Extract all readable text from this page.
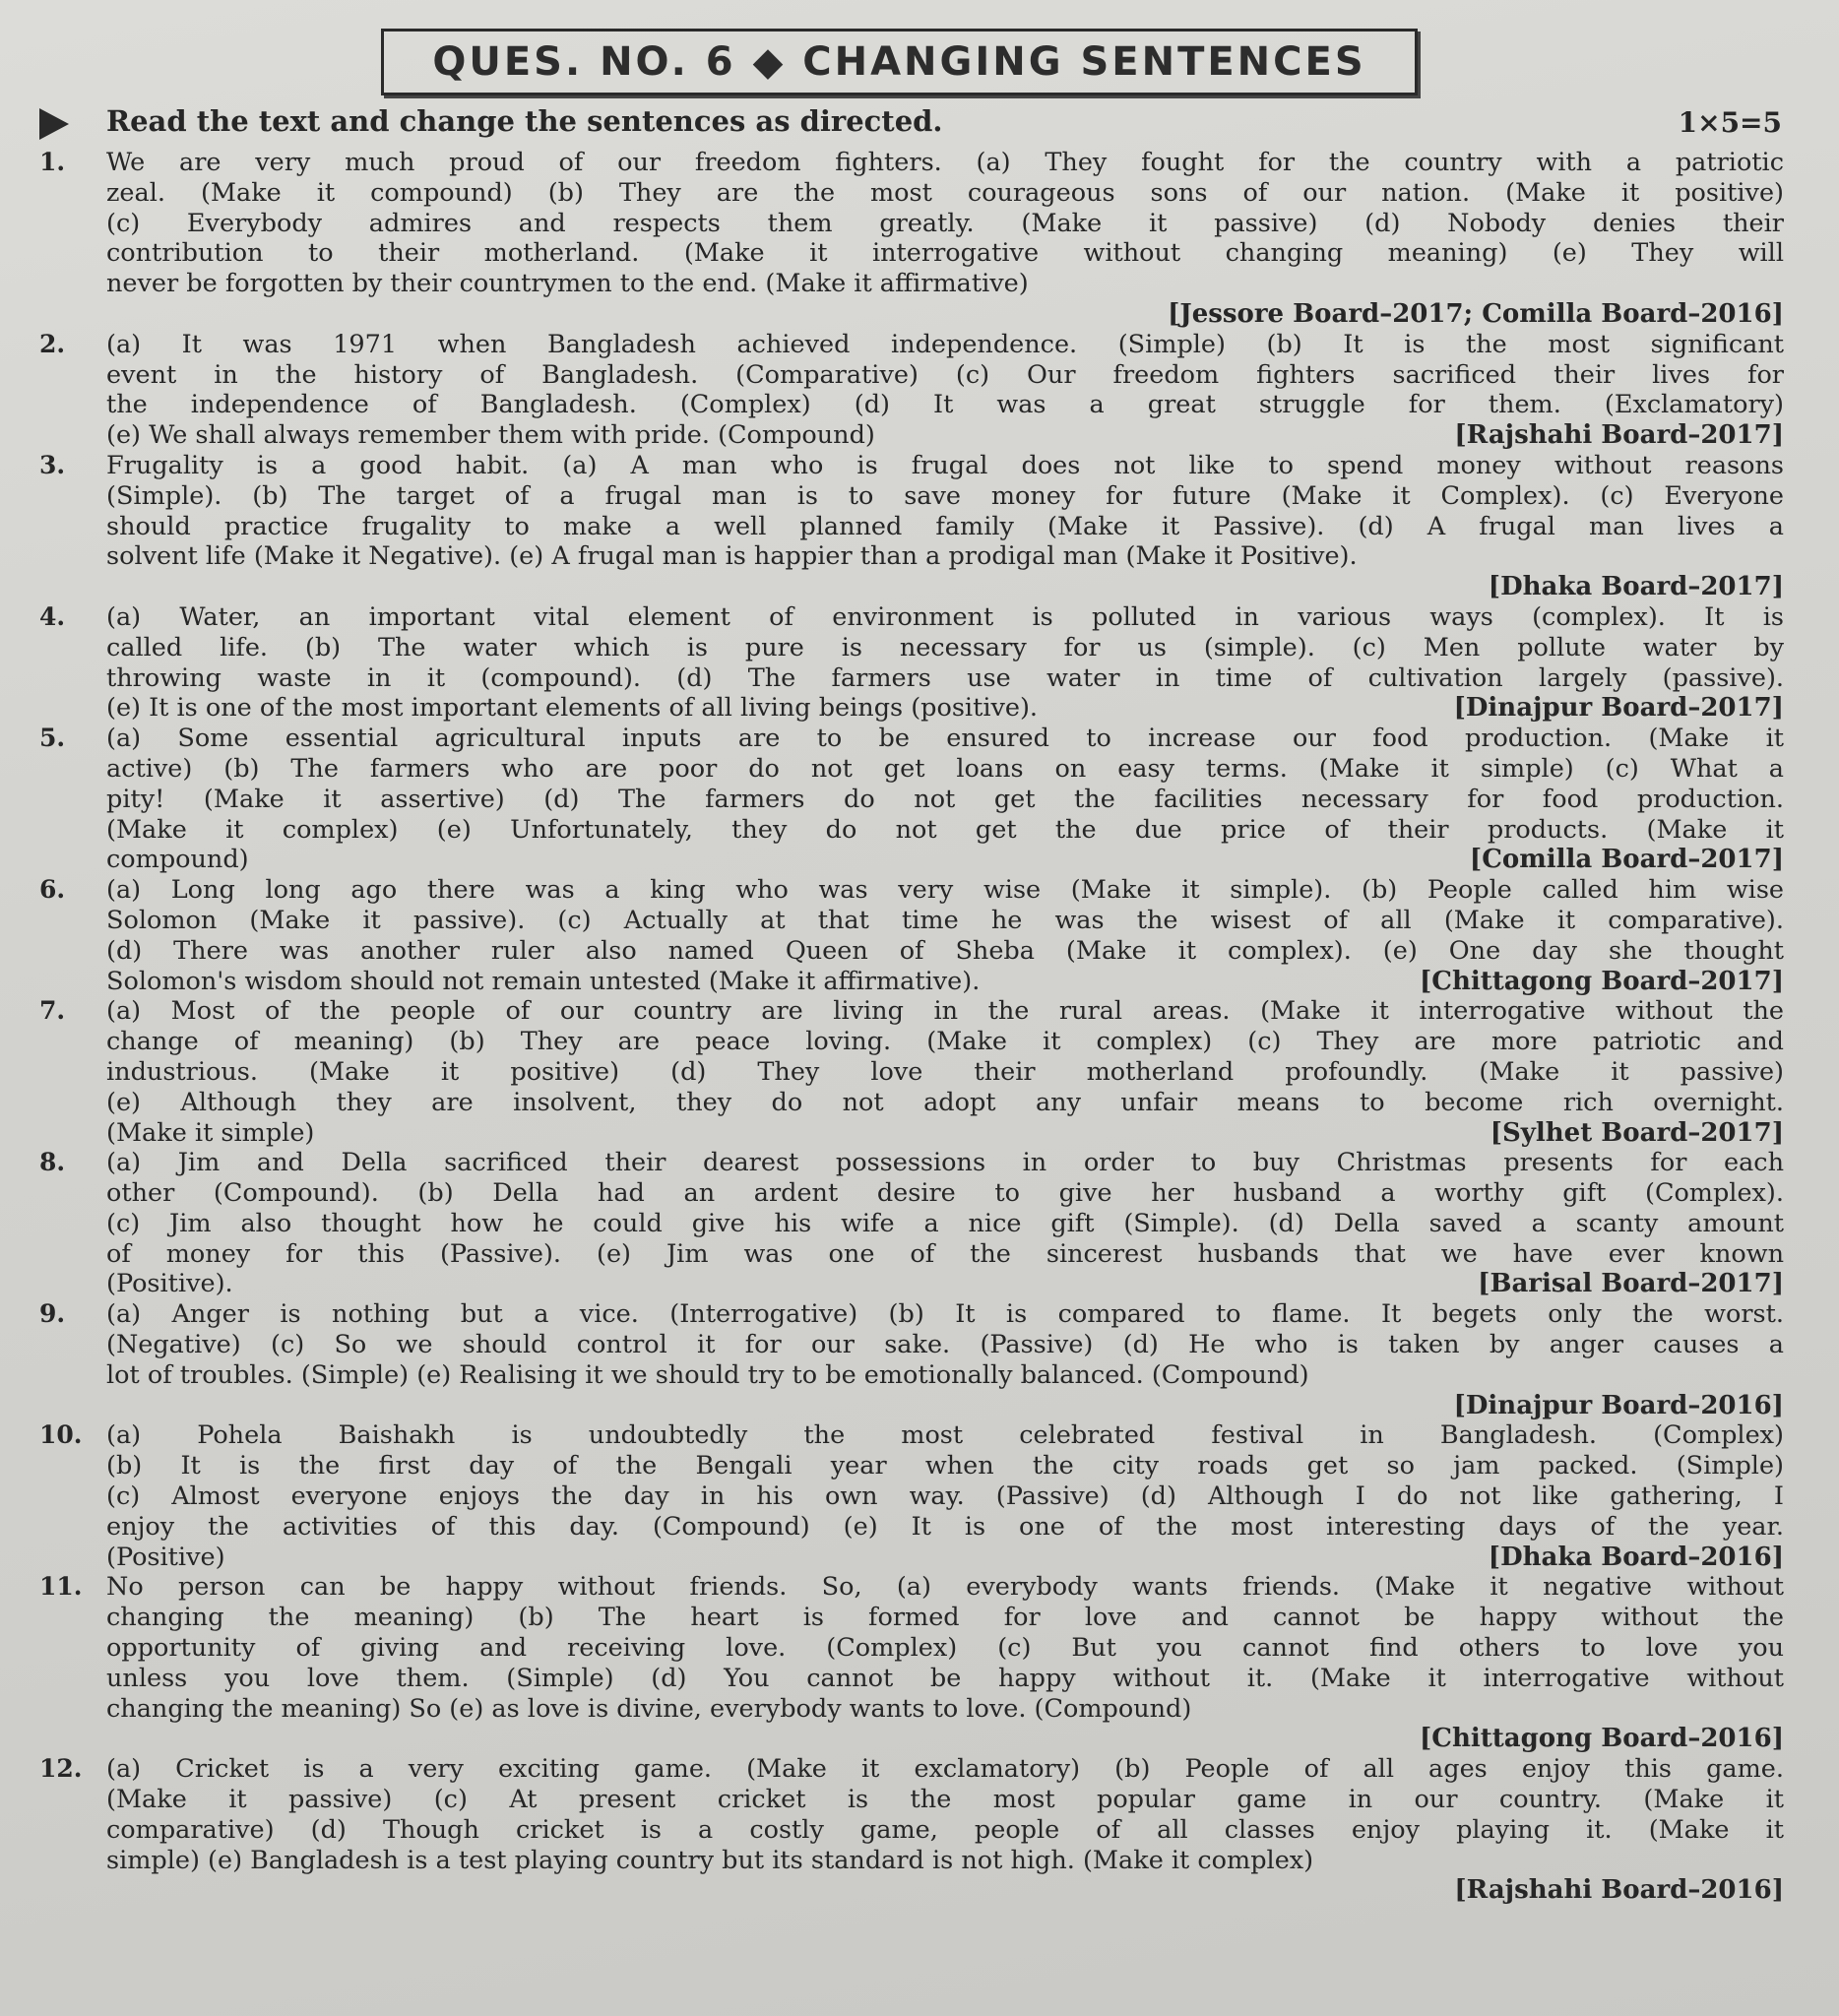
QUES. NO. 6 ◆ CHANGING SENTENCES
Read the text and change the sentences as directed.	1×5=5
1. We are very much proud of our freedom fighters. (a) They fought for the country with a patriotic
zeal. (Make it compound) (b) They are the most courageous sons of our nation. (Make it positive)
(c) Everybody admires and respects them greatly. (Make it passive) (d) Nobody denies their
contribution to their motherland. (Make it interrogative without changing meaning) (e) They will
never be forgotten by their countrymen to the end. (Make it affirmative)
[Jessore Board–2017; Comilla Board–2016]
2. (a) It was 1971 when Bangladesh achieved independence. (Simple) (b) It is the most significant
event in the history of Bangladesh. (Comparative) (c) Our freedom fighters sacrificed their lives for
the independence of Bangladesh. (Complex) (d) It was a great struggle for them. (Exclamatory)
(e) We shall always remember them with pride. (Compound)	[Rajshahi Board–2017]
3. Frugality is a good habit. (a) A man who is frugal does not like to spend money without reasons
(Simple). (b) The target of a frugal man is to save money for future (Make it Complex). (c) Everyone
should practice frugality to make a well planned family (Make it Passive). (d) A frugal man lives a
solvent life (Make it Negative). (e) A frugal man is happier than a prodigal man (Make it Positive).
[Dhaka Board–2017]
4. (a) Water, an important vital element of environment is polluted in various ways (complex). It is
called life. (b) The water which is pure is necessary for us (simple). (c) Men pollute water by
throwing waste in it (compound). (d) The farmers use water in time of cultivation largely (passive).
(e) It is one of the most important elements of all living beings (positive).	[Dinajpur Board–2017]
5. (a) Some essential agricultural inputs are to be ensured to increase our food production. (Make it
active) (b) The farmers who are poor do not get loans on easy terms. (Make it simple) (c) What a
pity! (Make it assertive) (d) The farmers do not get the facilities necessary for food production.
(Make it complex) (e) Unfortunately, they do not get the due price of their products. (Make it
compound)	[Comilla Board–2017]
6. (a) Long long ago there was a king who was very wise (Make it simple). (b) People called him wise
Solomon (Make it passive). (c) Actually at that time he was the wisest of all (Make it comparative).
(d) There was another ruler also named Queen of Sheba (Make it complex). (e) One day she thought
Solomon's wisdom should not remain untested (Make it affirmative).	[Chittagong Board–2017]
7. (a) Most of the people of our country are living in the rural areas. (Make it interrogative without the
change of meaning) (b) They are peace loving. (Make it complex) (c) They are more patriotic and
industrious. (Make it positive) (d) They love their motherland profoundly. (Make it passive)
(e) Although they are insolvent, they do not adopt any unfair means to become rich overnight.
(Make it simple)	[Sylhet Board–2017]
8. (a) Jim and Della sacrificed their dearest possessions in order to buy Christmas presents for each
other (Compound). (b) Della had an ardent desire to give her husband a worthy gift (Complex).
(c) Jim also thought how he could give his wife a nice gift (Simple). (d) Della saved a scanty amount
of money for this (Passive). (e) Jim was one of the sincerest husbands that we have ever known
(Positive).	[Barisal Board–2017]
9. (a) Anger is nothing but a vice. (Interrogative) (b) It is compared to flame. It begets only the worst.
(Negative) (c) So we should control it for our sake. (Passive) (d) He who is taken by anger causes a
lot of troubles. (Simple) (e) Realising it we should try to be emotionally balanced. (Compound)
[Dinajpur Board–2016]
10. (a) Pohela Baishakh is undoubtedly the most celebrated festival in Bangladesh. (Complex)
(b) It is the first day of the Bengali year when the city roads get so jam packed. (Simple)
(c) Almost everyone enjoys the day in his own way. (Passive) (d) Although I do not like gathering, I
enjoy the activities of this day. (Compound) (e) It is one of the most interesting days of the year.
(Positive)	[Dhaka Board–2016]
11. No person can be happy without friends. So, (a) everybody wants friends. (Make it negative without
changing the meaning) (b) The heart is formed for love and cannot be happy without the
opportunity of giving and receiving love. (Complex) (c) But you cannot find others to love you
unless you love them. (Simple) (d) You cannot be happy without it. (Make it interrogative without
changing the meaning) So (e) as love is divine, everybody wants to love. (Compound)
[Chittagong Board–2016]
12. (a) Cricket is a very exciting game. (Make it exclamatory) (b) People of all ages enjoy this game.
(Make it passive) (c) At present cricket is the most popular game in our country. (Make it
comparative) (d) Though cricket is a costly game, people of all classes enjoy playing it. (Make it
simple) (e) Bangladesh is a test playing country but its standard is not high. (Make it complex)
[Rajshahi Board–2016]
